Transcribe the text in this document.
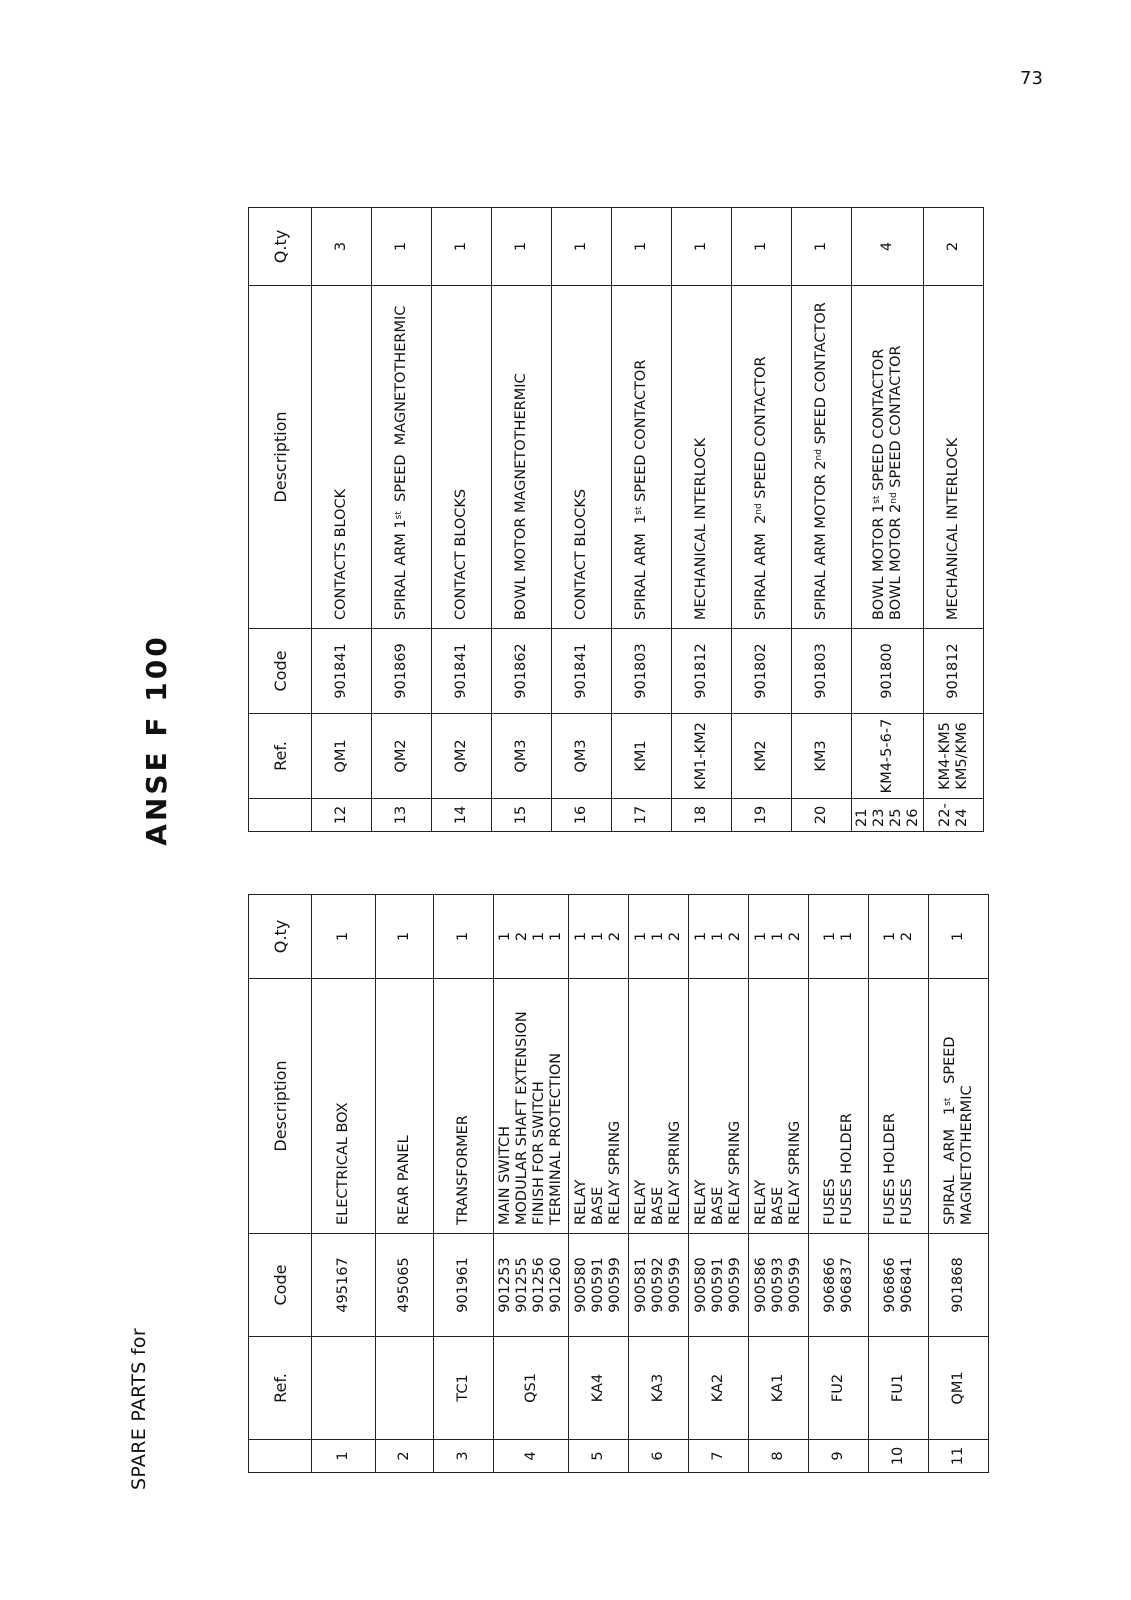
SPARE PARTS for
ANSE F 100
	Ref.	Code	Description	Q.ty
1		495167	ELECTRICAL BOX	1

2		495065	REAR PANEL	1

3	TC1	901961	TRANSFORMER	1

4	QS1	901253 901255 901256 901260	MAIN SWITCH MODULAR SHAFT EXTENSION FINISH FOR SWITCH TERMINAL PROTECTION	1 2 1 1

5	KA4	900580 900591 900599	RELAY BASE RELAY SPRING	1 1 2

6	KA3	900581 900592 900599	RELAY BASE RELAY SPRING	1 1 2

7	KA2	900580 900591 900599	RELAY BASE RELAY SPRING	1 1 2

8	KA1	900586 900593 900599	RELAY BASE RELAY SPRING	1 1 2

9	FU2	906866 906837	FUSES FUSES HOLDER	1 1

10	FU1	906866 906841	FUSES HOLDER FUSES	1 2

11	QM1	901868	SPIRAL   ARM   1st   SPEED
MAGNETOTHERMIC	1
	Ref.	Code	Description	Q.ty
12	QM1	901841	CONTACTS BLOCK	3
13	QM2	901869	SPIRAL ARM 1st  SPEED  MAGNETOTHERMIC	1
14	QM2	901841	CONTACT BLOCKS	1
15	QM3	901862	BOWL MOTOR MAGNETOTHERMIC	1
16	QM3	901841	CONTACT BLOCKS	1
17	KM1	901803	SPIRAL ARM  1st SPEED CONTACTOR	1
18	KM1-KM2	901812	MECHANICAL INTERLOCK	1
19	KM2	901802	SPIRAL ARM  2nd SPEED CONTACTOR	1
20	KM3	901803	SPIRAL ARM MOTOR 2nd SPEED CONTACTOR	1

21 23 25 26	KM4-5-6-7	901800	BOWL MOTOR 1st SPEED CONTACTOR
BOWL MOTOR 2nd SPEED CONTACTOR	4

22- 24	KM4-KM5 KM5/KM6	901812	MECHANICAL INTERLOCK	2
73
